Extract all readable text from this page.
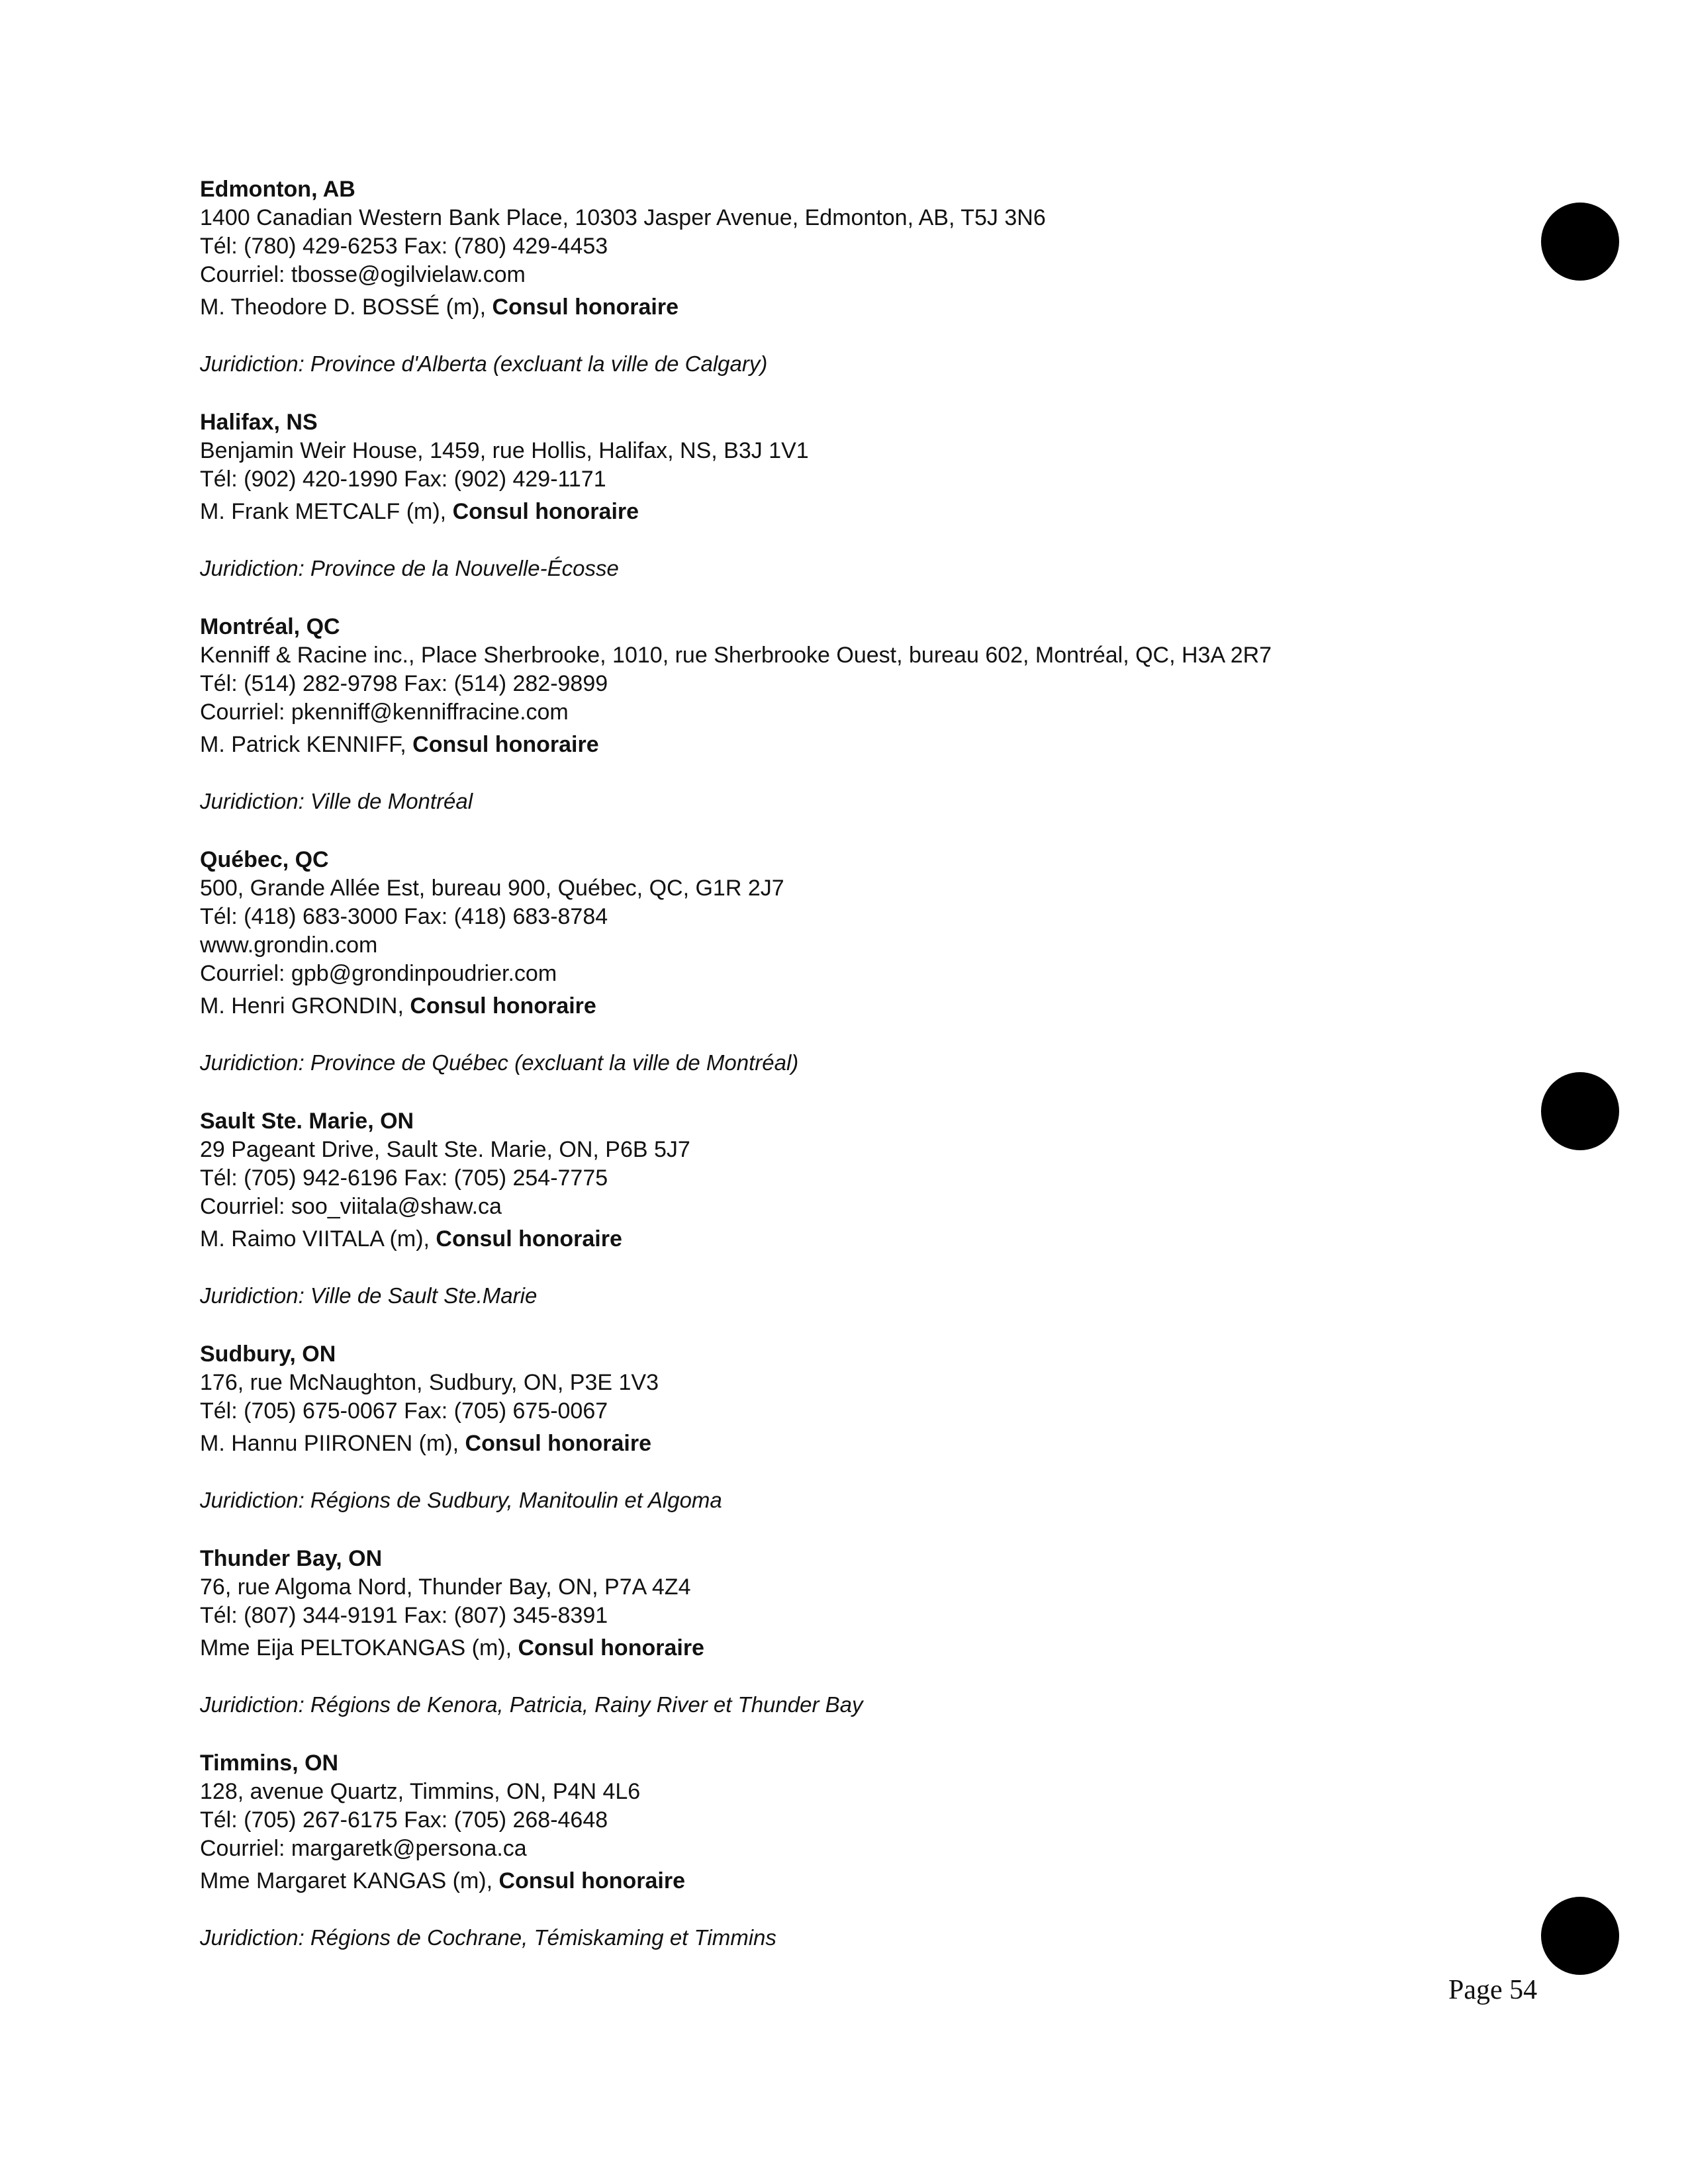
Edmonton, AB
1400 Canadian Western Bank Place, 10303 Jasper Avenue, Edmonton, AB, T5J 3N6
Tél: (780) 429-6253 Fax: (780) 429-4453
Courriel: tbosse@ogilvielaw.com
M. Theodore D. BOSSÉ (m), Consul honoraire
Juridiction: Province d'Alberta (excluant la ville de Calgary)
Halifax, NS
Benjamin Weir House, 1459, rue Hollis, Halifax, NS, B3J 1V1
Tél: (902) 420-1990 Fax: (902) 429-1171
M. Frank METCALF (m), Consul honoraire
Juridiction: Province de la Nouvelle-Écosse
Montréal, QC
Kenniff & Racine inc., Place Sherbrooke, 1010, rue Sherbrooke Ouest, bureau 602, Montréal, QC, H3A 2R7
Tél: (514) 282-9798 Fax: (514) 282-9899
Courriel: pkenniff@kenniffracine.com
M. Patrick KENNIFF, Consul honoraire
Juridiction: Ville de Montréal
Québec, QC
500, Grande Allée Est, bureau 900, Québec, QC, G1R 2J7
Tél: (418) 683-3000 Fax: (418) 683-8784
www.grondin.com
Courriel: gpb@grondinpoudrier.com
M. Henri GRONDIN, Consul honoraire
Juridiction: Province de Québec (excluant la ville de Montréal)
Sault Ste. Marie, ON
29 Pageant Drive, Sault Ste. Marie, ON, P6B 5J7
Tél: (705) 942-6196 Fax: (705) 254-7775
Courriel: soo_viitala@shaw.ca
M. Raimo VIITALA (m), Consul honoraire
Juridiction: Ville de Sault Ste.Marie
Sudbury, ON
176, rue McNaughton, Sudbury, ON, P3E 1V3
Tél: (705) 675-0067 Fax: (705) 675-0067
M. Hannu PIIRONEN (m), Consul honoraire
Juridiction: Régions de Sudbury, Manitoulin et Algoma
Thunder Bay, ON
76, rue Algoma Nord, Thunder Bay, ON, P7A 4Z4
Tél: (807) 344-9191 Fax: (807) 345-8391
Mme Eija PELTOKANGAS (m), Consul honoraire
Juridiction: Régions de Kenora, Patricia, Rainy River et Thunder Bay
Timmins, ON
128, avenue Quartz, Timmins, ON, P4N 4L6
Tél: (705) 267-6175 Fax: (705) 268-4648
Courriel: margaretk@persona.ca
Mme Margaret KANGAS (m), Consul honoraire
Juridiction: Régions de Cochrane, Témiskaming et Timmins
Page 54
